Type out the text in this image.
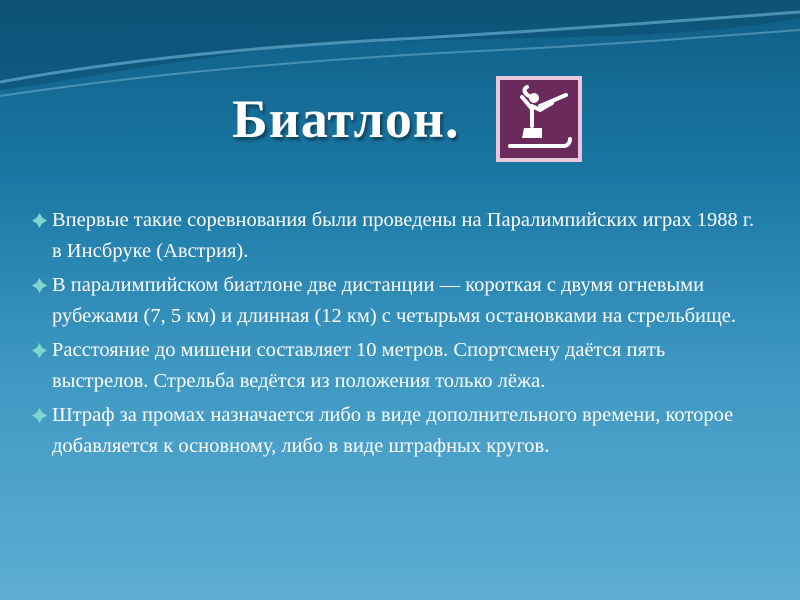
Биатлон.
Впервые такие соревнования были проведены на Паралимпийских играх 1988 г. в Инсбруке (Австрия).
В паралимпийском биатлоне две дистанции — короткая с двумя огневыми рубежами (7, 5 км) и длинная (12 км) с четырьмя остановками на стрельбище.
Расстояние до мишени составляет 10 метров. Спортсмену даётся пять выстрелов. Стрельба ведётся из положения только лёжа.
Штраф за промах назначается либо в виде дополнительного времени, которое добавляется к основному, либо в виде штрафных кругов.
